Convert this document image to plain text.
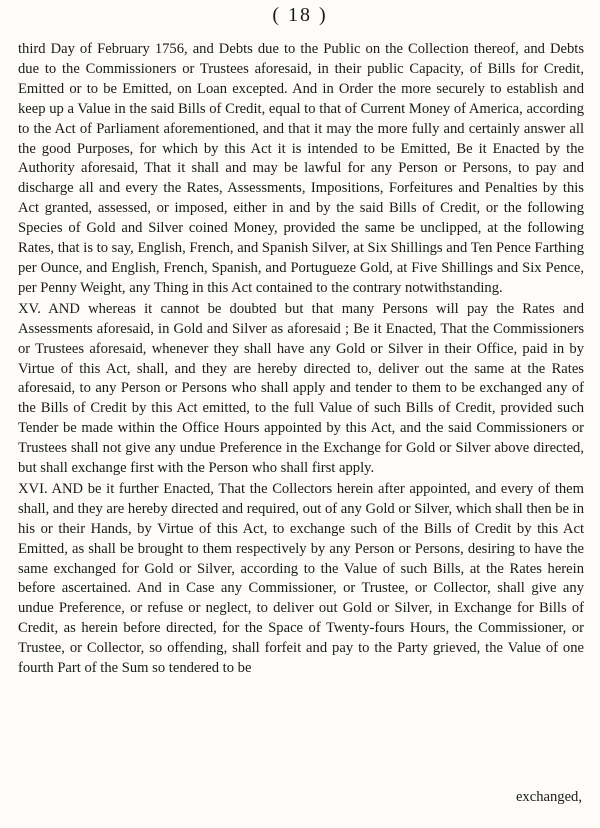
( 18 )

third Day of February 1756, and Debts due to the Public on the Collection thereof, and Debts due to the Commissioners or Trustees aforesaid, in their public Capacity, of Bills for Credit, Emitted or to be Emitted, on Loan excepted. And in Order the more securely to establish and keep up a Value in the said Bills of Credit, equal to that of Current Money of America, according to the Act of Parliament aforementioned, and that it may the more fully and certainly answer all the good Purposes, for which by this Act it is intended to be Emitted, Be it Enacted by the Authority aforesaid, That it shall and may be lawful for any Person or Persons, to pay and discharge all and every the Rates, Assessments, Impositions, Forfeitures and Penalties by this Act granted, assessed, or imposed, either in and by the said Bills of Credit, or the following Species of Gold and Silver coined Money, provided the same be unclipped, at the following Rates, that is to say, English, French, and Spanish Silver, at Six Shillings and Ten Pence Farthing per Ounce, and English, French, Spanish, and Portugueze Gold, at Five Shillings and Six Pence, per Penny Weight, any Thing in this Act contained to the contrary notwithstanding.

XV. AND whereas it cannot be doubted but that many Persons will pay the Rates and Assessments aforesaid, in Gold and Silver as aforesaid ; Be it Enacted, That the Commissioners or Trustees aforesaid, whenever they shall have any Gold or Silver in their Office, paid in by Virtue of this Act, shall, and they are hereby directed to, deliver out the same at the Rates aforesaid, to any Person or Persons who shall apply and tender to them to be exchanged any of the Bills of Credit by this Act emitted, to the full Value of such Bills of Credit, provided such Tender be made within the Office Hours appointed by this Act, and the said Commissioners or Trustees shall not give any undue Preference in the Exchange for Gold or Silver above directed, but shall exchange first with the Person who shall first apply.

XVI. AND be it further Enacted, That the Collectors herein after appointed, and every of them shall, and they are hereby directed and required, out of any Gold or Silver, which shall then be in his or their Hands, by Virtue of this Act, to exchange such of the Bills of Credit by this Act Emitted, as shall be brought to them respectively by any Person or Persons, desiring to have the same exchanged for Gold or Silver, according to the Value of such Bills, at the Rates herein before ascertained. And in Case any Commissioner, or Trustee, or Collector, shall give any undue Preference, or refuse or neglect, to deliver out Gold or Silver, in Exchange for Bills of Credit, as herein before directed, for the Space of Twenty-fours Hours, the Commissioner, or Trustee, or Collector, so offending, shall forfeit and pay to the Party grieved, the Value of one fourth Part of the Sum so tendered to be

exchanged,
